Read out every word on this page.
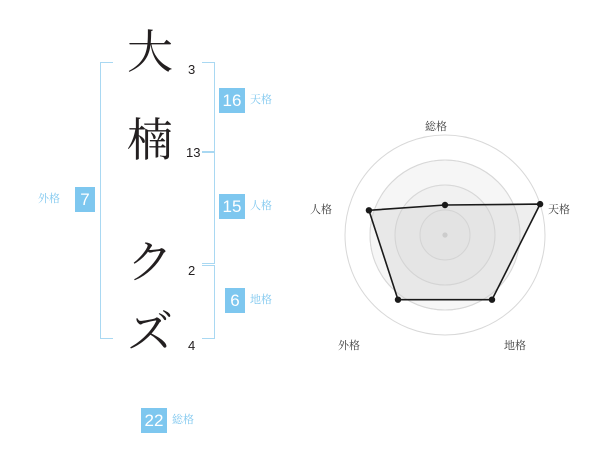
大
楠
ク
ズ
3
13
2
4
16 天格
15 人格
6 地格
7
外格
22 総格
総格
天格
地格
外格
人格
